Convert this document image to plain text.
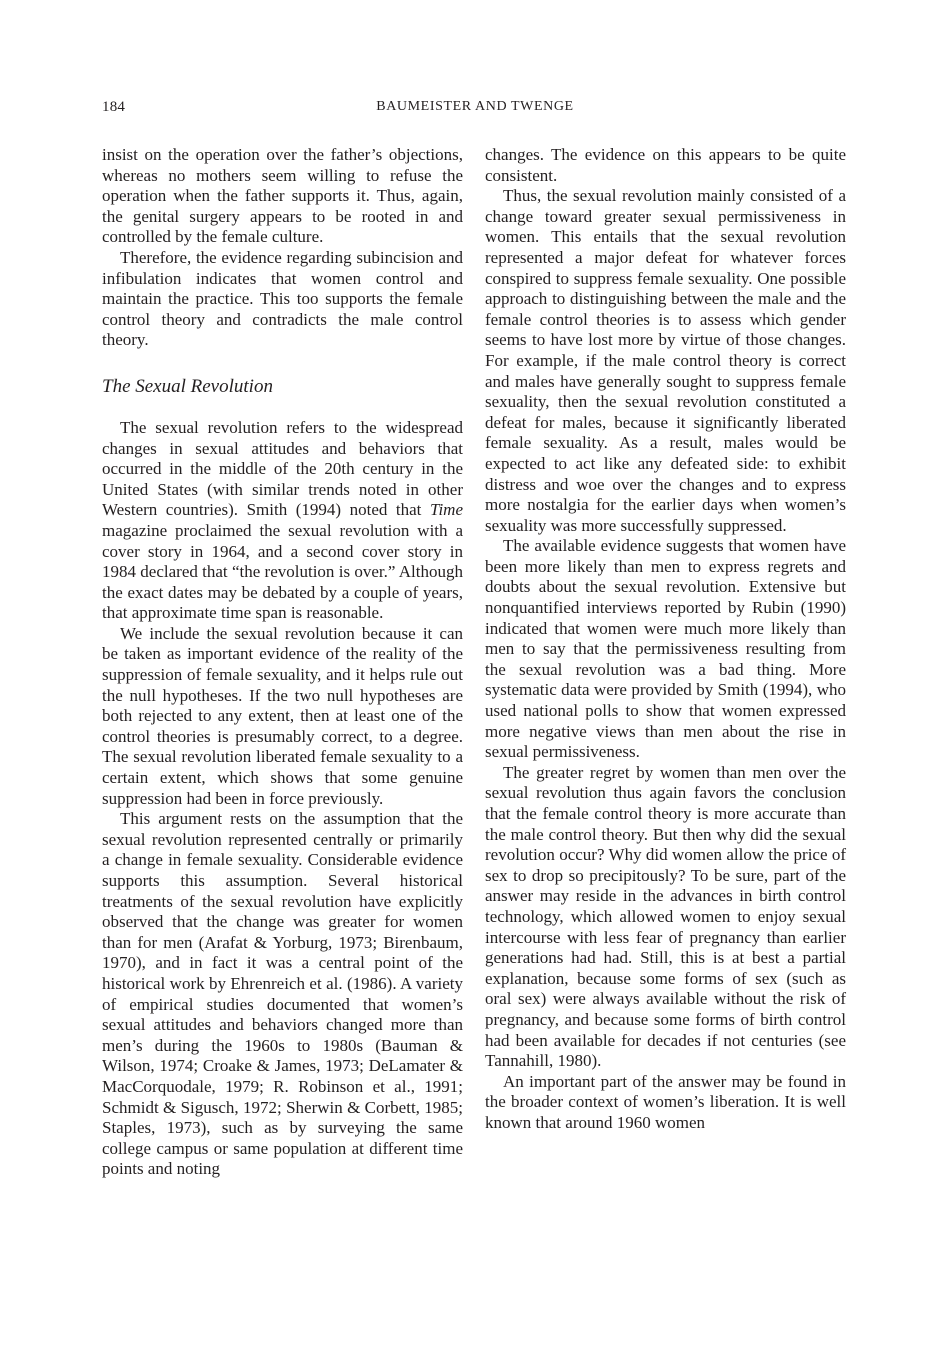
184	BAUMEISTER AND TWENGE

insist on the operation over the father’s objections, whereas no mothers seem willing to refuse the operation when the father supports it. Thus, again, the genital surgery appears to be rooted in and controlled by the female culture.

Therefore, the evidence regarding subincision and infibulation indicates that women control and maintain the practice. This too supports the female control theory and contradicts the male control theory.

The Sexual Revolution

The sexual revolution refers to the widespread changes in sexual attitudes and behaviors that occurred in the middle of the 20th century in the United States (with similar trends noted in other Western countries). Smith (1994) noted that Time magazine proclaimed the sexual revolution with a cover story in 1964, and a second cover story in 1984 declared that “the revolution is over.” Although the exact dates may be debated by a couple of years, that approximate time span is reasonable.

We include the sexual revolution because it can be taken as important evidence of the reality of the suppression of female sexuality, and it helps rule out the null hypotheses. If the two null hypotheses are both rejected to any extent, then at least one of the control theories is presumably correct, to a degree. The sexual revolution liberated female sexuality to a certain extent, which shows that some genuine suppression had been in force previously.

This argument rests on the assumption that the sexual revolution represented centrally or primarily a change in female sexuality. Considerable evidence supports this assumption. Several historical treatments of the sexual revolution have explicitly observed that the change was greater for women than for men (Arafat & Yorburg, 1973; Birenbaum, 1970), and in fact it was a central point of the historical work by Ehrenreich et al. (1986). A variety of empirical studies documented that women’s sexual attitudes and behaviors changed more than men’s during the 1960s to 1980s (Bauman & Wilson, 1974; Croake & James, 1973; DeLamater & MacCorquodale, 1979; R. Robinson et al., 1991; Schmidt & Sigusch, 1972; Sherwin & Corbett, 1985; Staples, 1973), such as by surveying the same college campus or same population at different time points and noting

changes. The evidence on this appears to be quite consistent.

Thus, the sexual revolution mainly consisted of a change toward greater sexual permissiveness in women. This entails that the sexual revolution represented a major defeat for whatever forces conspired to suppress female sexuality. One possible approach to distinguishing between the male and the female control theories is to assess which gender seems to have lost more by virtue of those changes. For example, if the male control theory is correct and males have generally sought to suppress female sexuality, then the sexual revolution constituted a defeat for males, because it significantly liberated female sexuality. As a result, males would be expected to act like any defeated side: to exhibit distress and woe over the changes and to express more nostalgia for the earlier days when women’s sexuality was more successfully suppressed.

The available evidence suggests that women have been more likely than men to express regrets and doubts about the sexual revolution. Extensive but nonquantified interviews reported by Rubin (1990) indicated that women were much more likely than men to say that the permissiveness resulting from the sexual revolution was a bad thing. More systematic data were provided by Smith (1994), who used national polls to show that women expressed more negative views than men about the rise in sexual permissiveness.

The greater regret by women than men over the sexual revolution thus again favors the conclusion that the female control theory is more accurate than the male control theory. But then why did the sexual revolution occur? Why did women allow the price of sex to drop so precipitously? To be sure, part of the answer may reside in the advances in birth control technology, which allowed women to enjoy sexual intercourse with less fear of pregnancy than earlier generations had had. Still, this is at best a partial explanation, because some forms of sex (such as oral sex) were always available without the risk of pregnancy, and because some forms of birth control had been available for decades if not centuries (see Tannahill, 1980).

An important part of the answer may be found in the broader context of women’s liberation. It is well known that around 1960 women
